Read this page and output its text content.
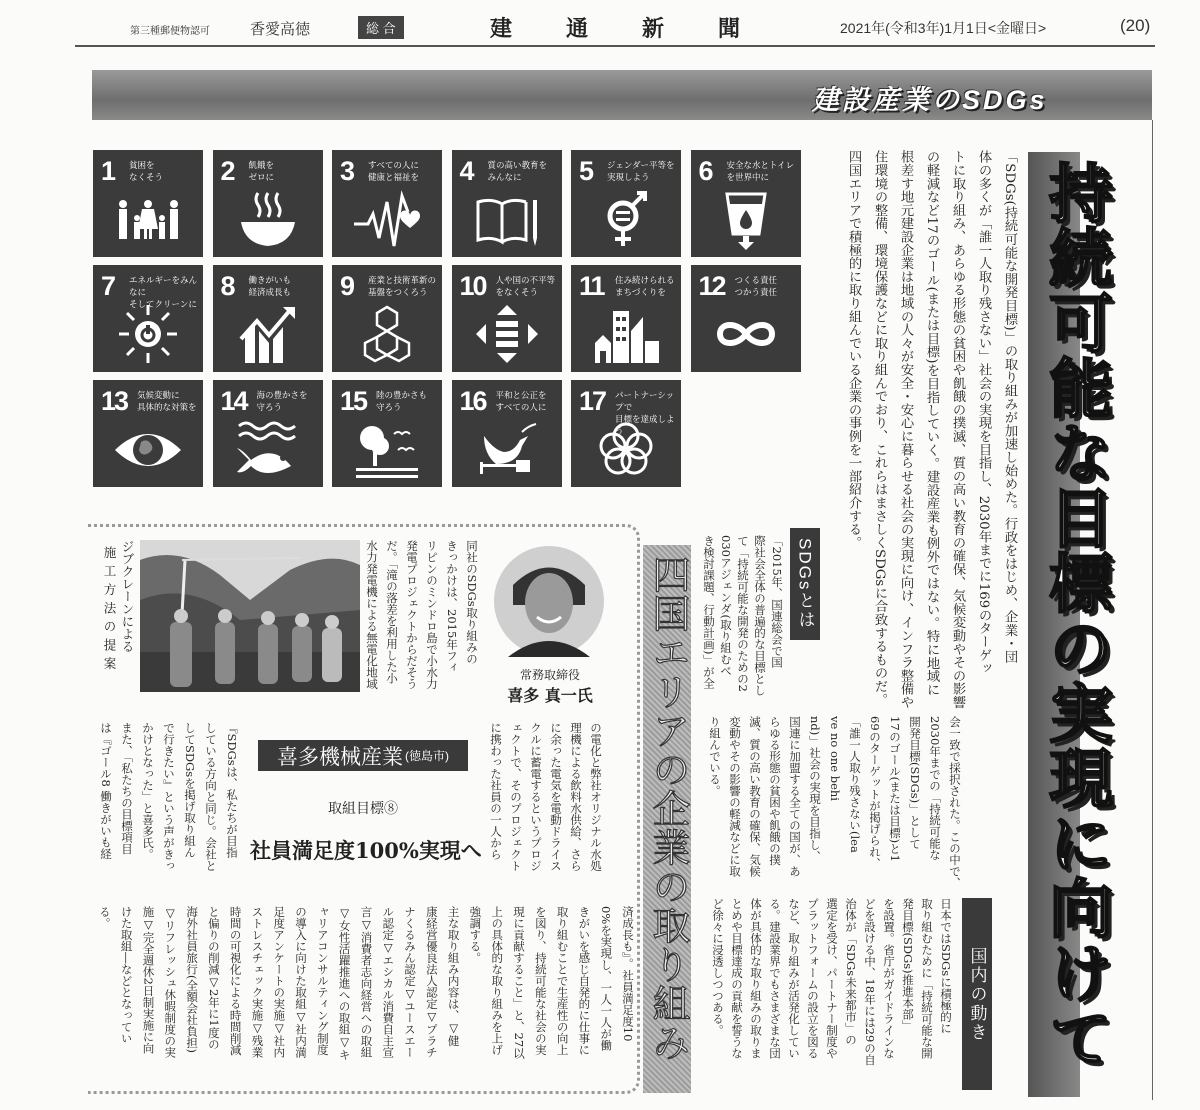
第三種郵便物認可	香愛高徳	総 合	建 通 新 聞	2021年(令和3年)1月1日<金曜日>	(20)
建設産業のSDGs
持続可能な目標の実現に向けて
「SDGs(持続可能な開発目標)」の取り組みが加速し始めた。行政をはじめ、企業・団
体の多くが「誰一人取り残さない」社会の実現を目指し、2030年までに169のターゲッ
トに取り組み、あらゆる形態の貧困や飢餓の撲滅、質の高い教育の確保、気候変動やその影響
の軽減など17のゴール(または目標)を目指していく。建設産業も例外ではない。特に地域に
根差す地元建設企業は地域の人々が安全・安心に暮らせる社会の実現に向け、インフラ整備や
住環境の整備、環境保護などに取り組んでおり、これらはまさしくSDGsに合致するものだ。
四国エリアで積極的に取り組んでいる企業の事例を一部紹介する。
1 貧困を
なくそう 2 飢餓を
ゼロに 3 すべての人に
健康と福祉を 4 質の高い教育を
みんなに	5 ジェンダー平等を
実現しよう	6 安全な水とトイレ
を世界中に
7 エネルギーをみんなに
そしてクリーンに
8 働きがいも
経済成長も 9 産業と技術革新の
基盤をつくろう	10 人や国の不平等
をなくそう	11 住み続けられる
まちづくりを	12 つくる責任
つかう責任
13 気候変動に
具体的な対策を 14 海の豊かさを
守ろう	15 陸の豊かさも
守ろう	16 平和と公正を
すべての人に 17 パートナーシップで
目標を達成しよう
SDGsとは
「2015年、国連総会で国
際社会全体の普遍的な目標とし
て「持続可能な開発のための2
030アジェンダ(取り組むべ
き検討課題、行動計画)」が全
会一致で採択された。この中で、
2030年までの「持続可能な
開発目標(SDGs)」として
17のゴール(または目標)と1
69のターゲットが掲げられ、
「誰一人取り残さない(lea
ve no one behi
nd)」社会の実現を目指し、
国連に加盟する全ての国が、あ
らゆる形態の貧困や飢餓の撲
滅、質の高い教育の確保、気候
変動やその影響の軽減などに取
り組んでいる。
国内の動き
日本ではSDGsに積極的に
取り組むために「持続可能な開
発目標(SDGs)推進本部」
を設置。省庁がガイドラインな
どを設ける中、18年には29の自
治体が「SDGs未来都市」の
選定を受け、パートナー制度や
プラットフォームの設立を図る
など、取り組みが活発化してい
る。建設業界でもさまざまな団
体が具体的な取り組みの取りま
とめや目標達成の貢献を誓うな
ど徐々に浸透しつつある。
四国エリアの企業の取り組み
ジブクレーンによる
施工方法の提案	同社のSDGs取り組みの
きっかけは、2015年フィ
リピンのミンドロ島で小水力
発電プロジェクトからだそう
だ。「滝の落差を利用した小
水力発電機による無電化地域	常務取締役
喜多 真一氏
の電化と弊社オリジナル水処
理機による飲料水供給、さら
に余った電気を電動ドライス
クルに蓄電するというプロジ
ェクトで、そのプロジェクト
に携わった社員の一人から
喜多機械産業 (徳島市)
取組目標⑧
社員満足度100%実現へ
『SDGsは、私たちが目指
している方向と同じ。会社と
してSDGsを掲げ取り組ん
で行きたい』という声がきっ
かけとなった」と喜多氏。
また、「私たちの目標項目
は『ゴール8 働きがいも経
済成長も』。社員満足度10
0%を実現し、一人一人が働
きがいを感じ自発的に仕事に
取り組むことで生産性の向上
を図り、持続可能な社会の実
現に貢献すること」と、27以
上の具体的な取り組みを上げ
強調する。
主な取り組み内容は、▽健
康経営優良法人認定▽プラチ
ナくるみん認定▽ユースエー
ル認定▽エシカル消費自主宣
言▽消費者志向経営への取組
▽女性活躍推進への取組▽キ
ャリアコンサルティング制度
の導入に向けた取組▽社内満
足度アンケートの実施▽社内
ストレスチェック実施▽残業
時間の可視化による時間削減
と偏りの削減▽2年に1度の
海外社員旅行(全額会社負担)
▽リフレッシュ休暇制度の実
施▽完全週休2日制実施に向
けた取組―などとなってい
る。
